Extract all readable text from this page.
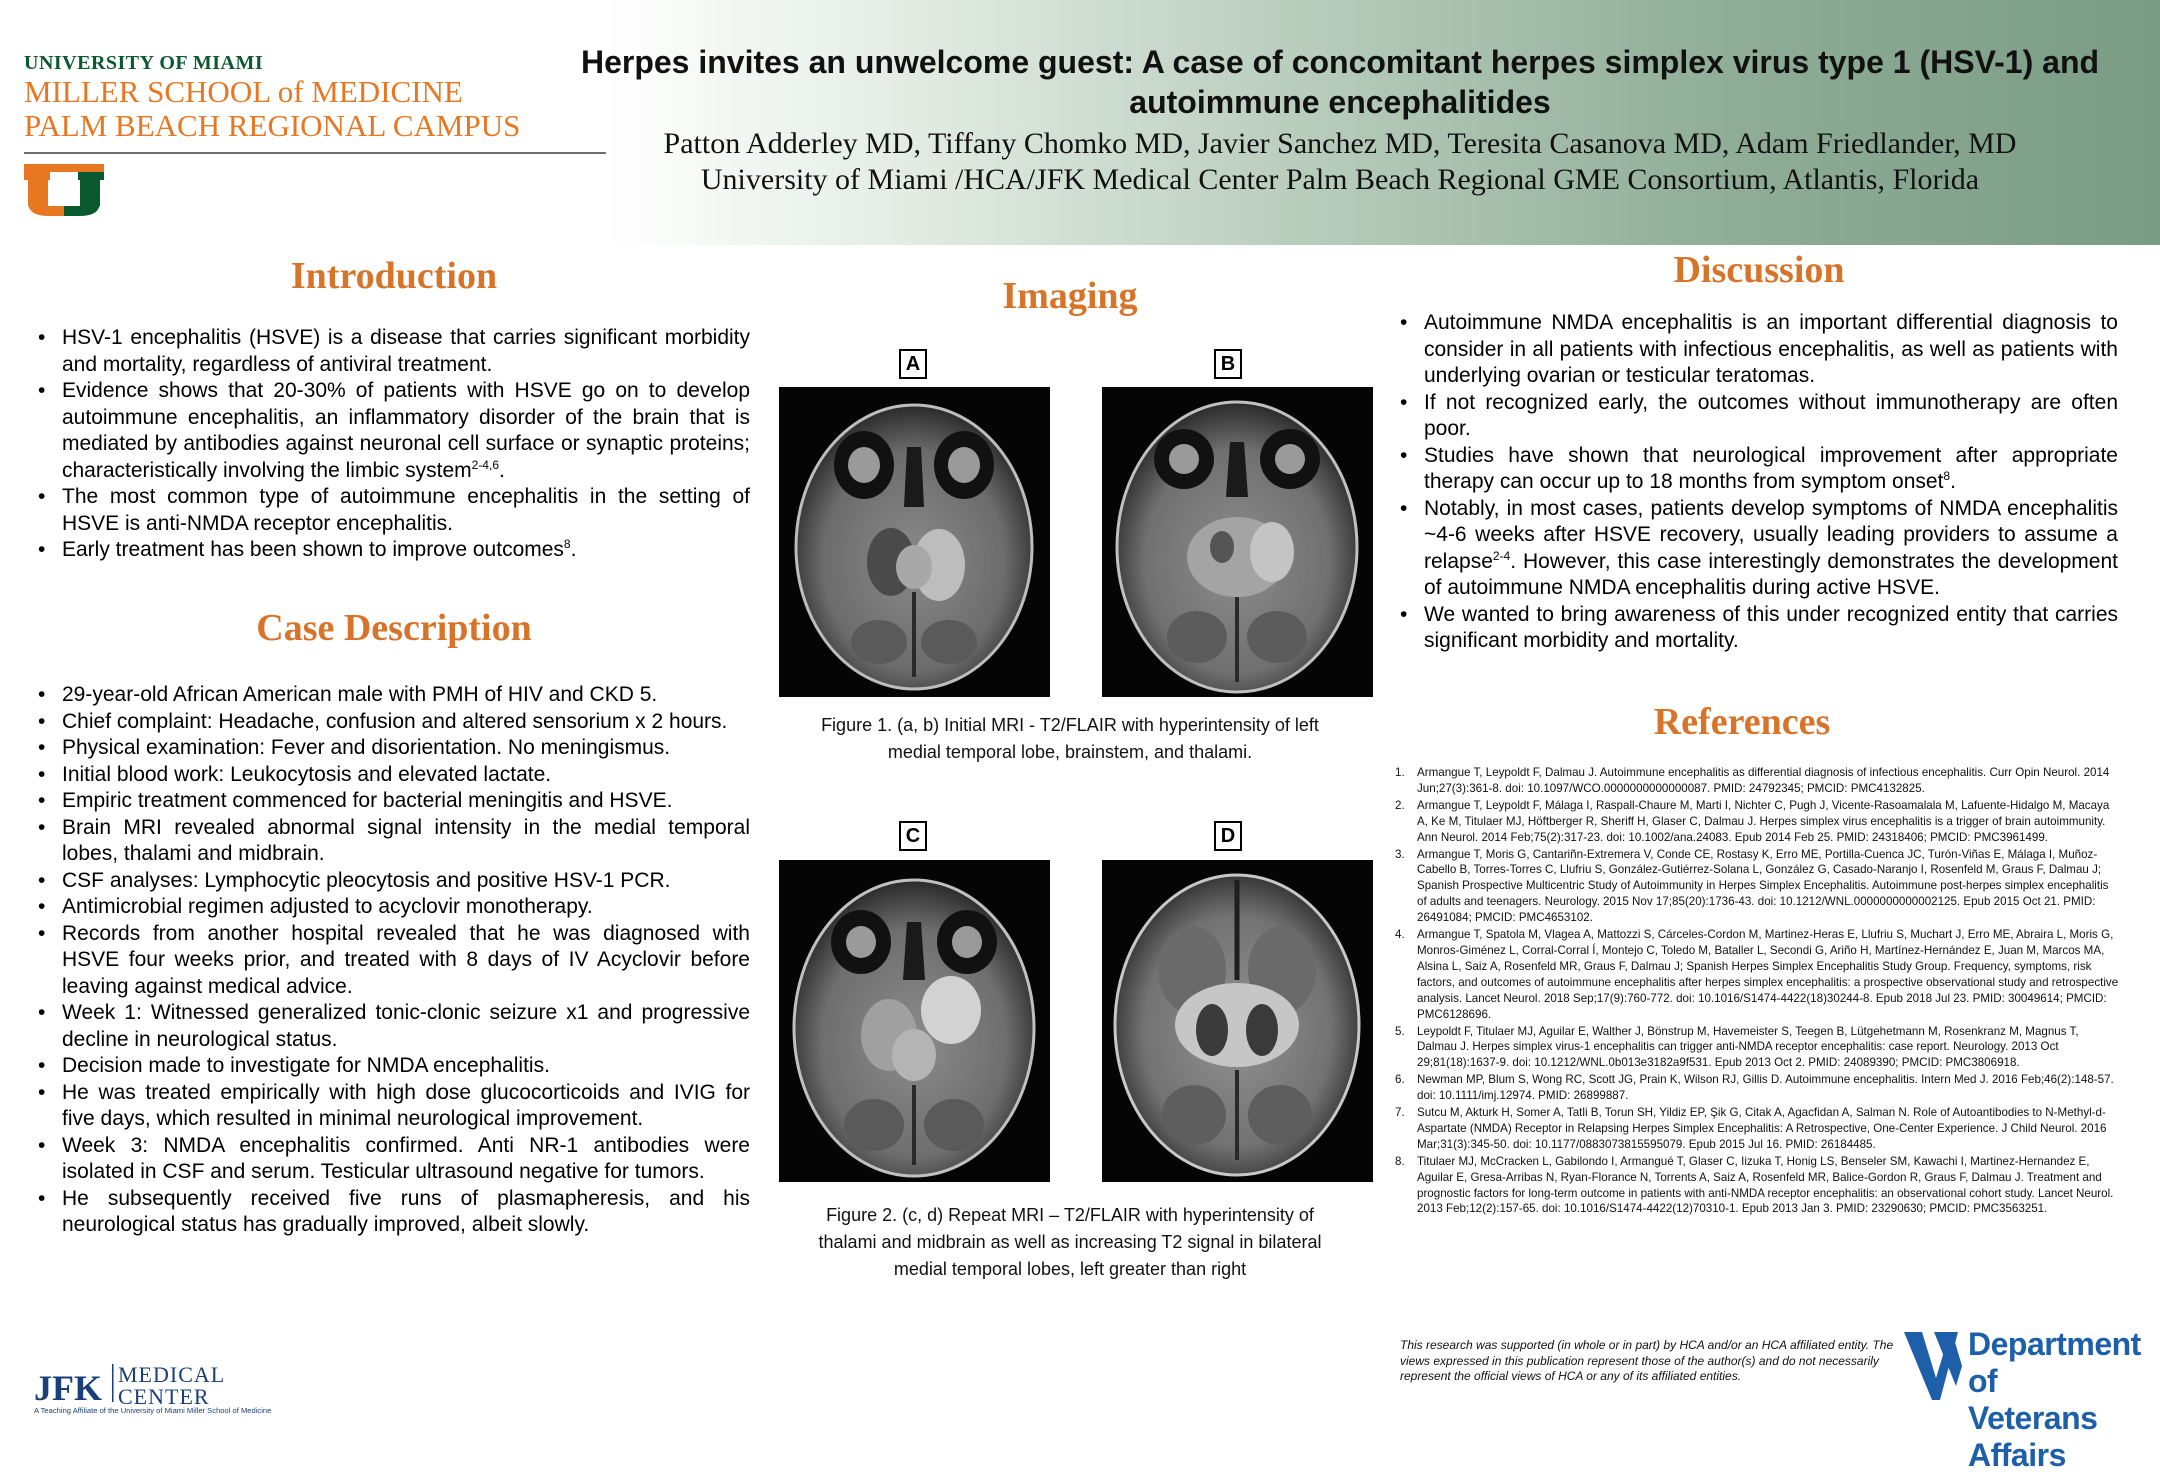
UNIVERSITY OF MIAMI
MILLER SCHOOL of MEDICINE
PALM BEACH REGIONAL CAMPUS
Herpes invites an unwelcome guest: A case of concomitant herpes simplex virus type 1 (HSV-1) and
autoimmune encephalitides
Patton Adderley MD, Tiffany Chomko MD, Javier Sanchez MD, Teresita Casanova MD, Adam Friedlander, MD
University of Miami /HCA/JFK Medical Center Palm Beach Regional GME Consortium, Atlantis, Florida
Introduction
• HSV-1 encephalitis (HSVE) is a disease that carries significant morbidity and mortality, regardless of antiviral treatment.
• Evidence shows that 20-30% of patients with HSVE go on to develop autoimmune encephalitis, an inflammatory disorder of the brain that is mediated by antibodies against neuronal cell surface or synaptic proteins; characteristically involving the limbic system$^{2-4,6}$.
• The most common type of autoimmune encephalitis in the setting of HSVE is anti-NMDA receptor encephalitis.
• Early treatment has been shown to improve outcomes$^8$.
Case Description
• 29-year-old African American male with PMH of HIV and CKD 5.
• Chief complaint: Headache, confusion and altered sensorium x 2 hours.
• Physical examination: Fever and disorientation. No meningismus.
• Initial blood work: Leukocytosis and elevated lactate.
• Empiric treatment commenced for bacterial meningitis and HSVE.
• Brain MRI revealed abnormal signal intensity in the medial temporal lobes, thalami and midbrain.
• CSF analyses: Lymphocytic pleocytosis and positive HSV-1 PCR.
• Antimicrobial regimen adjusted to acyclovir monotherapy.
• Records from another hospital revealed that he was diagnosed with HSVE four weeks prior, and treated with 8 days of IV Acyclovir before leaving against medical advice.
• Week 1: Witnessed generalized tonic-clonic seizure x1 and progressive decline in neurological status.
• Decision made to investigate for NMDA encephalitis.
• He was treated empirically with high dose glucocorticoids and IVIG for five days, which resulted in minimal neurological improvement.
• Week 3: NMDA encephalitis confirmed. Anti NR-1 antibodies were isolated in CSF and serum. Testicular ultrasound negative for tumors.
• He subsequently received five runs of plasmapheresis, and his neurological status has gradually improved, albeit slowly.
Imaging
A	B
C	D
Figure 1. (a, b) Initial MRI - T2/FLAIR with hyperintensity of left
medial temporal lobe, brainstem, and thalami.
Figure 2. (c, d) Repeat MRI – T2/FLAIR with hyperintensity of
thalami and midbrain as well as increasing T2 signal in bilateral
medial temporal lobes, left greater than right
Discussion
• Autoimmune NMDA encephalitis is an important differential diagnosis to consider in all patients with infectious encephalitis, as well as patients with underlying ovarian or testicular teratomas.
• If not recognized early, the outcomes without immunotherapy are often poor.
• Studies have shown that neurological improvement after appropriate therapy can occur up to 18 months from symptom onset$^8$.
• Notably, in most cases, patients develop symptoms of NMDA encephalitis ~4-6 weeks after HSVE recovery, usually leading providers to assume a relapse$^{2-4}$. However, this case interestingly demonstrates the development of autoimmune NMDA encephalitis during active HSVE.
• We wanted to bring awareness of this under recognized entity that carries significant morbidity and mortality.
References
1. Armangue T, Leypoldt F, Dalmau J. Autoimmune encephalitis as differential diagnosis of infectious encephalitis. Curr Opin Neurol. 2014 Jun;27(3):361-8. doi: 10.1097/WCO.0000000000000087. PMID: 24792345; PMCID: PMC4132825.
2. Armangue T, Leypoldt F, Málaga I, Raspall-Chaure M, Marti I, Nichter C, Pugh J, Vicente-Rasoamalala M, Lafuente-Hidalgo M, Macaya A, Ke M, Titulaer MJ, Höftberger R, Sheriff H, Glaser C, Dalmau J. Herpes simplex virus encephalitis is a trigger of brain autoimmunity. Ann Neurol. 2014 Feb;75(2):317-23. doi: 10.1002/ana.24083. Epub 2014 Feb 25. PMID: 24318406; PMCID: PMC3961499.
3. Armangue T, Moris G, Cantariñn-Extremera V, Conde CE, Rostasy K, Erro ME, Portilla-Cuenca JC, Turón-Viñas E, Málaga I, Muñoz-Cabello B, Torres-Torres C, Llufriu S, González-Gutiérrez-Solana L, González G, Casado-Naranjo I, Rosenfeld M, Graus F, Dalmau J; Spanish Prospective Multicentric Study of Autoimmunity in Herpes Simplex Encephalitis. Autoimmune post-herpes simplex encephalitis of adults and teenagers. Neurology. 2015 Nov 17;85(20):1736-43. doi: 10.1212/WNL.0000000000002125. Epub 2015 Oct 21. PMID: 26491084; PMCID: PMC4653102.
4. Armangue T, Spatola M, Vlagea A, Mattozzi S, Cárceles-Cordon M, Martinez-Heras E, Llufriu S, Muchart J, Erro ME, Abraira L, Moris G, Monros-Giménez L, Corral-Corral Í, Montejo C, Toledo M, Bataller L, Secondi G, Ariño H, Martínez-Hernández E, Juan M, Marcos MA, Alsina L, Saiz A, Rosenfeld MR, Graus F, Dalmau J; Spanish Herpes Simplex Encephalitis Study Group. Frequency, symptoms, risk factors, and outcomes of autoimmune encephalitis after herpes simplex encephalitis: a prospective observational study and retrospective analysis. Lancet Neurol. 2018 Sep;17(9):760-772. doi: 10.1016/S1474-4422(18)30244-8. Epub 2018 Jul 23. PMID: 30049614; PMCID: PMC6128696.
5. Leypoldt F, Titulaer MJ, Aguilar E, Walther J, Bönstrup M, Havemeister S, Teegen B, Lütgehetmann M, Rosenkranz M, Magnus T, Dalmau J. Herpes simplex virus-1 encephalitis can trigger anti-NMDA receptor encephalitis: case report. Neurology. 2013 Oct 29;81(18):1637-9. doi: 10.1212/WNL.0b013e3182a9f531. Epub 2013 Oct 2. PMID: 24089390; PMCID: PMC3806918.
6. Newman MP, Blum S, Wong RC, Scott JG, Prain K, Wilson RJ, Gillis D. Autoimmune encephalitis. Intern Med J. 2016 Feb;46(2):148-57. doi: 10.1111/imj.12974. PMID: 26899887.
7. Sutcu M, Akturk H, Somer A, Tatli B, Torun SH, Yildiz EP, Şik G, Citak A, Agacfidan A, Salman N. Role of Autoantibodies to N-Methyl-d-Aspartate (NMDA) Receptor in Relapsing Herpes Simplex Encephalitis: A Retrospective, One-Center Experience. J Child Neurol. 2016 Mar;31(3):345-50. doi: 10.1177/0883073815595079. Epub 2015 Jul 16. PMID: 26184485.
8. Titulaer MJ, McCracken L, Gabilondo I, Armangué T, Glaser C, Iizuka T, Honig LS, Benseler SM, Kawachi I, Martinez-Hernandez E, Aguilar E, Gresa-Arribas N, Ryan-Florance N, Torrents A, Saiz A, Rosenfeld MR, Balice-Gordon R, Graus F, Dalmau J. Treatment and prognostic factors for long-term outcome in patients with anti-NMDA receptor encephalitis: an observational cohort study. Lancet Neurol. 2013 Feb;12(2):157-65. doi: 10.1016/S1474-4422(12)70310-1. Epub 2013 Jan 3. PMID: 23290630; PMCID: PMC3563251.
This research was supported (in whole or in part) by HCA and/or an HCA affiliated entity. The views expressed in this publication represent those of the author(s) and do not necessarily represent the official views of HCA or any of its affiliated entities.
Department of
Veterans Affairs
JFK MEDICAL
CENTER
A Teaching Affiliate of the University of Miami Miller School of Medicine
